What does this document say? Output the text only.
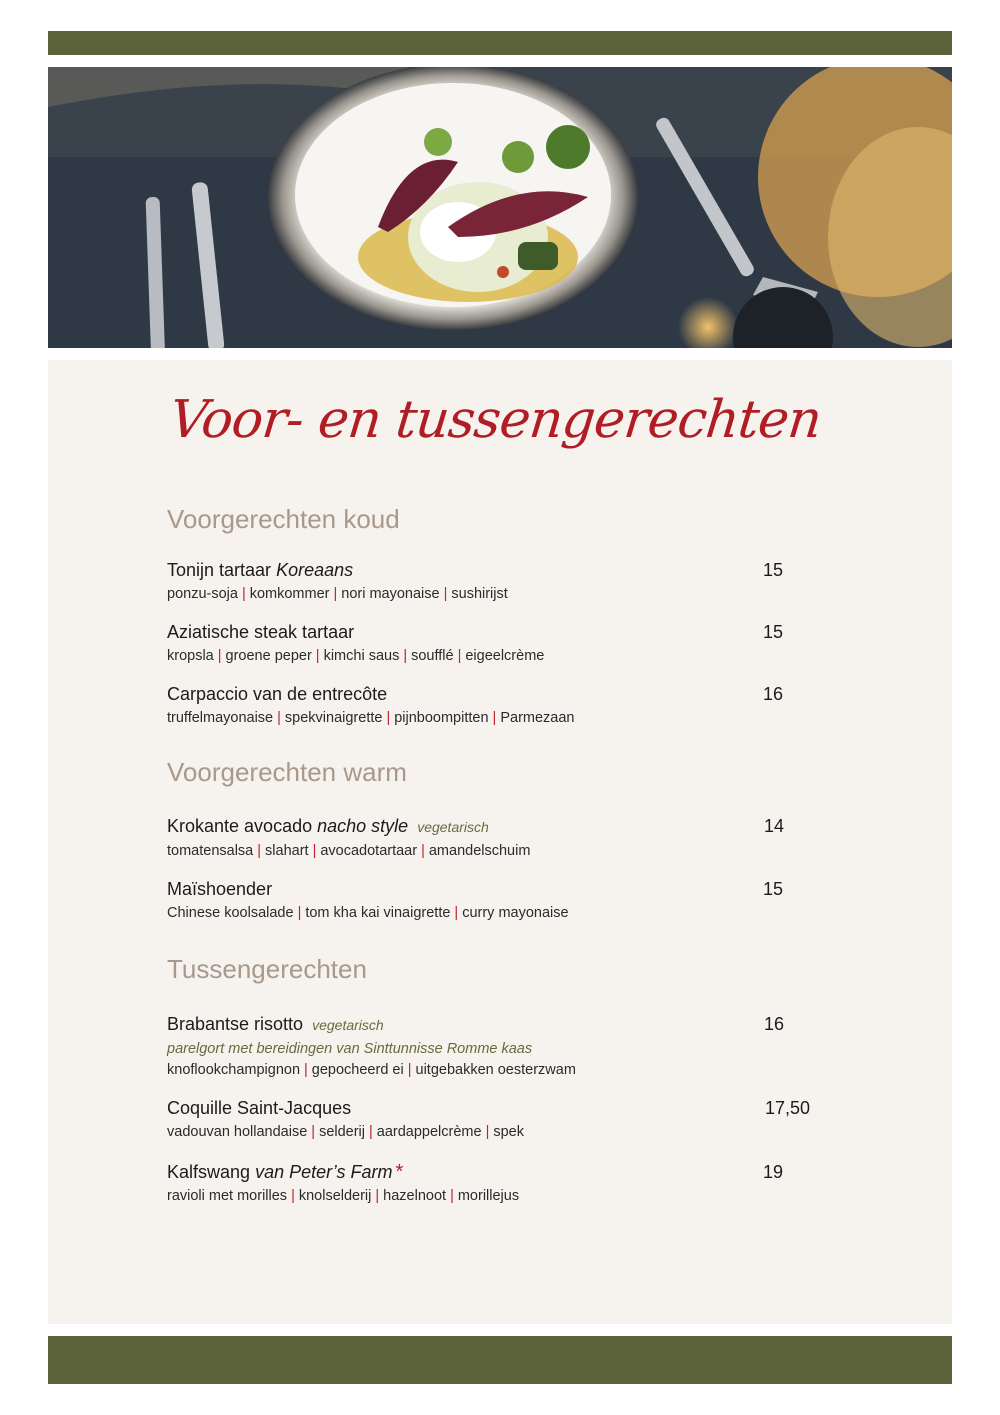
Voor- en tussengerechten
Voorgerechten koud
Tonijn tartaar Koreaans	15
ponzu-soja | komkommer | nori mayonaise | sushirijst
Aziatische steak tartaar	15
kropsla | groene peper | kimchi saus | soufflé | eigeelcrème
Carpaccio van de entrecôte	16
truffelmayonaise | spekvinaigrette | pijnboompitten | Parmezaan
Voorgerechten warm
Krokante avocado nacho style vegetarisch	14
tomatensalsa | slahart | avocadotartaar | amandelschuim
Maïshoender	15
Chinese koolsalade | tom kha kai vinaigrette | curry mayonaise
Tussengerechten
Brabantse risotto vegetarisch	16
parelgort met bereidingen van Sinttunnisse Romme kaas
knoflookchampignon | gepocheerd ei | uitgebakken oesterzwam
Coquille Saint-Jacques	17,50
vadouvan hollandaise | selderij | aardappelcrème | spek
Kalfswang van Peter’s Farm *	19
ravioli met morilles | knolselderij | hazelnoot | morillejus
